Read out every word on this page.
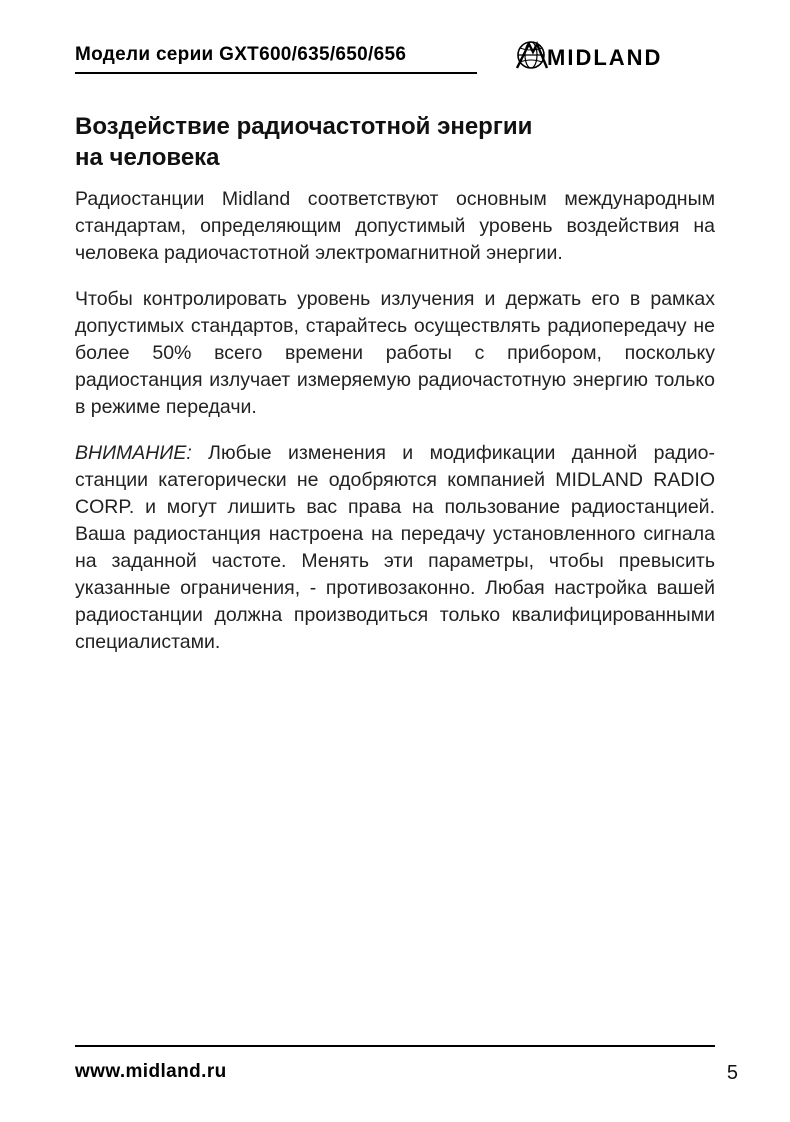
Модели серии GXT600/635/650/656	MIDLAND
Воздействие радиочастотной энергии
на человека

Радиостанции Midland соответствуют основным международным стандартам, определяющим допустимый уровень воздействия на человека радиочастотной электромагнитной энергии.

Чтобы контролировать уровень излучения и держать его в рамках допустимых стандартов, старайтесь осуществлять радиопередачу не более 50% всего времени работы с прибором, поскольку радиостанция излучает измеряемую радиочастотную энергию только в режиме передачи.

ВНИМАНИЕ: Любые изменения и модификации данной радиостанции категорически не одобряются компанией MIDLAND RADIO CORP. и могут лишить вас права на пользование радиостанцией. Ваша радиостанция настроена на передачу установленного сигнала на заданной частоте. Менять эти параметры, чтобы превысить указанные ограничения, - противозаконно. Любая настройка вашей радиостанции должна производиться только квалифицированными специалистами.

www.midland.ru	5
